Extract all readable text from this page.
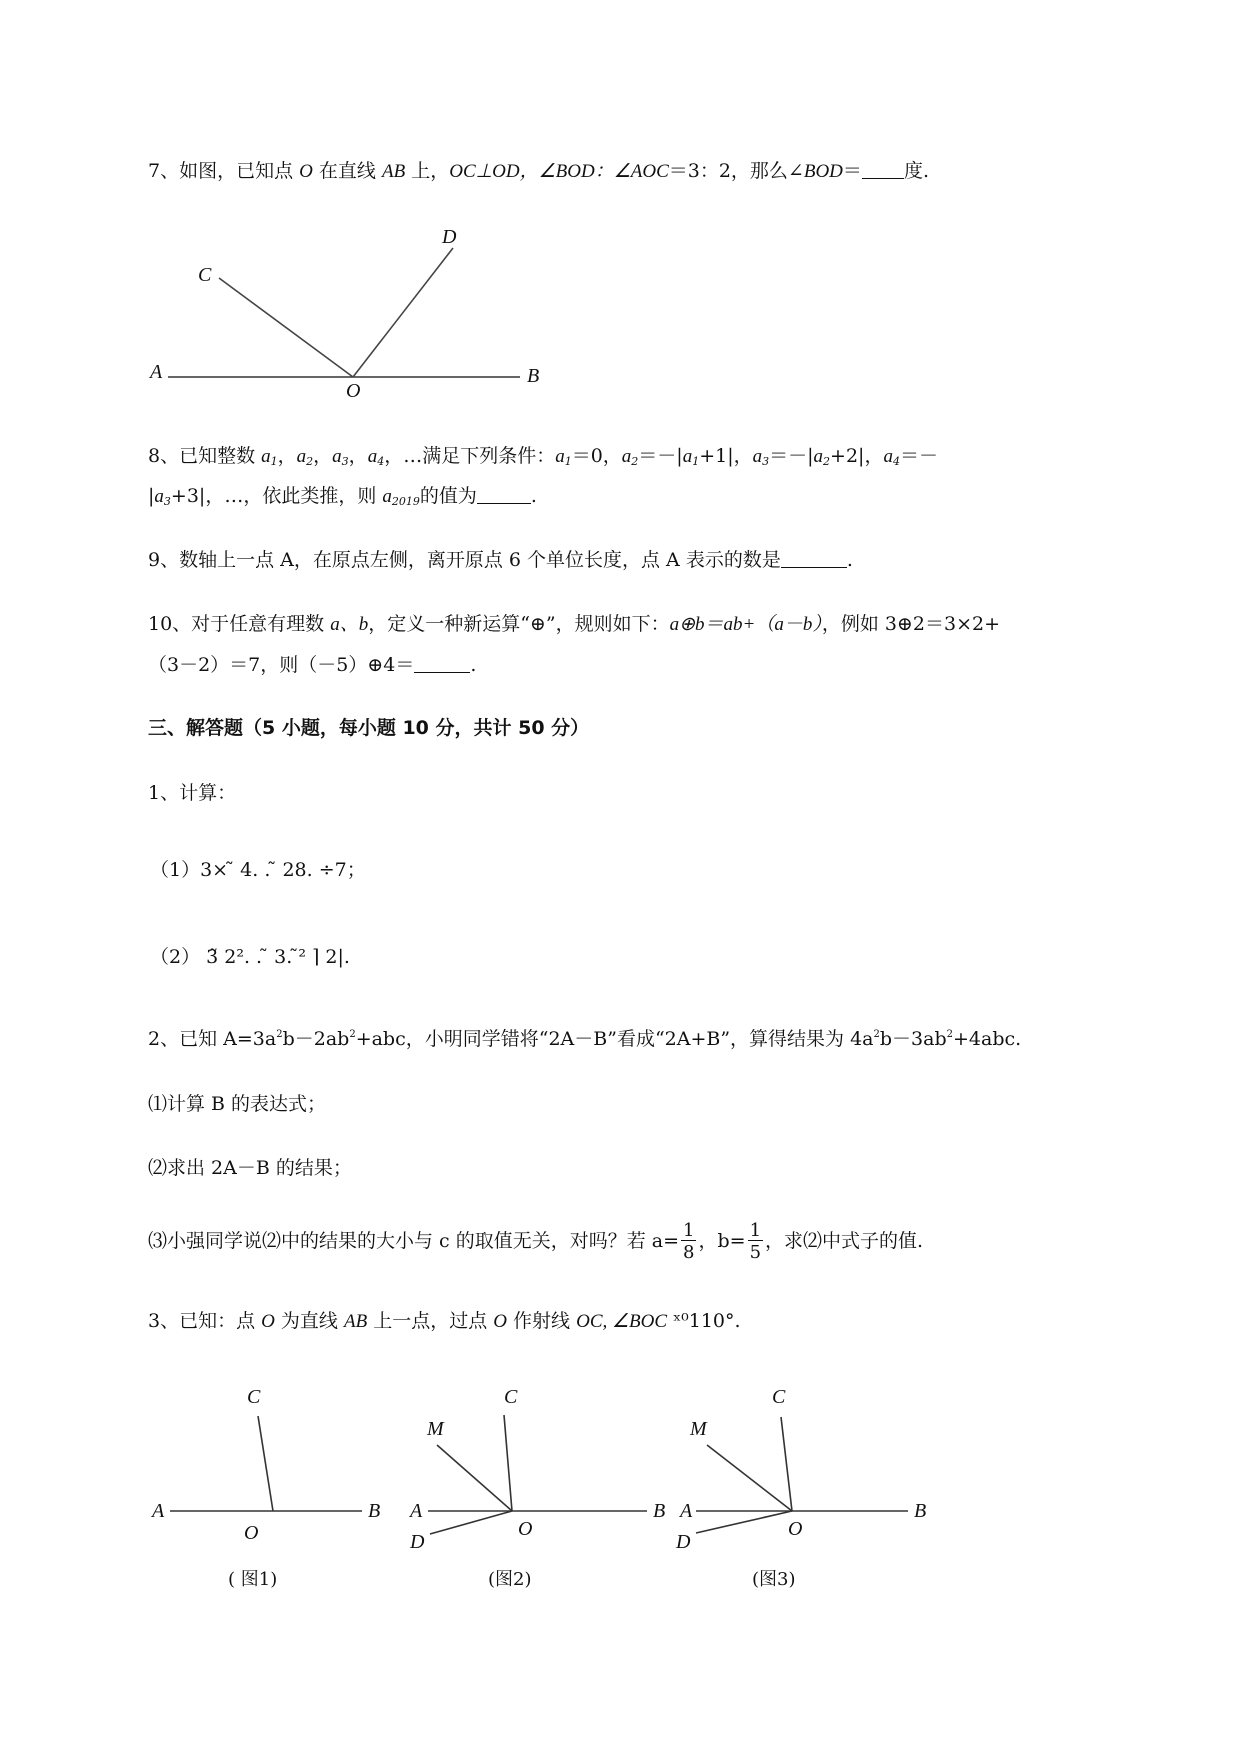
7、如图，已知点 O 在直线 AB 上，OC⊥OD，∠BOD：∠AOC＝3：2，那么∠BOD＝ 度.
A	B
C
D
O
8、已知整数 $a_1$，$a_2$，$a_3$，$a_4$，…满足下列条件：$a_1=0$，$a_2=-|a_1+1|$，$a_3=-|a_2+2|$，$a_4=-$
$|a_3+3|$，…，依此类推，则 $a_{2019}$的值为	.
9、数轴上一点 A，在原点左侧，离开原点 6 个单位长度，点 A 表示的数是	.
10、对于任意有理数 a、b，定义一种新运算“⊕”，规则如下：a⊕b＝ab+（a－b），例如 3⊕2＝3×2+
（3－2）＝7，则（－5）⊕4＝	.
三、解答题（5 小题，每小题 10 分，共计 50 分）
1、计算：
（1）3× ̃ 4. . ̃ 28. ÷7；
（2） 3̃ 2². . ̃ 3. ̃² ⌉ 2|.
2、已知 $A=3a^2b-2ab^2+abc$，小明同学错将“2A－B”看成“2A+B”，算得结果为 $4a^2b-3ab^2+4abc$.
⑴计算 B 的表达式；
⑵求出 2A－B 的结果；
⑶小强同学说⑵中的结果的大小与 c 的取值无关，对吗？若 $a= \frac{1}{8}$ ，$b= \frac{1}{5}$ ，求⑵中式子的值.
3、已知：点 O 为直线 AB 上一点，过点 O 作射线 OC, ∠BOC ˣ⁰110°.
A	B
C
O
( 图1)
A	B
C
M
D
O
(图2)
A	B
C
M
D
O
(图3)
